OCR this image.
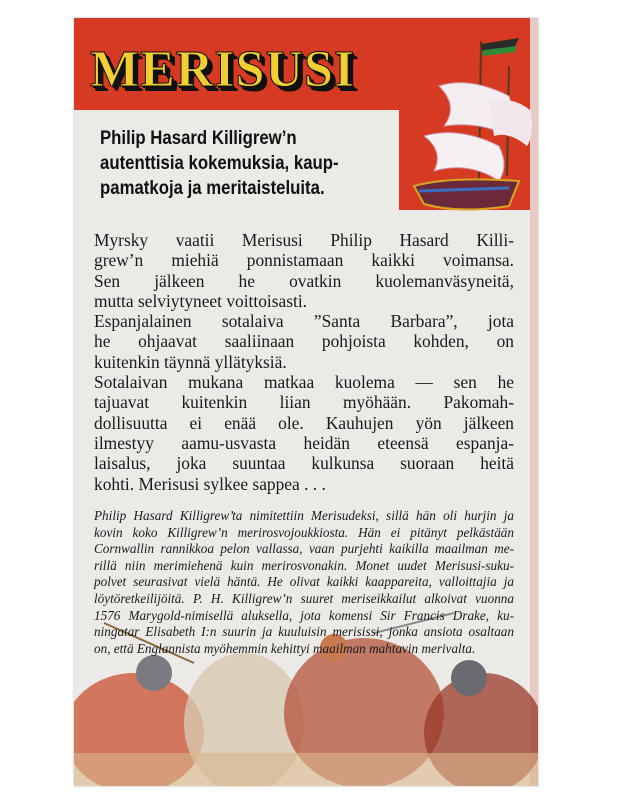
MERISUSI
Philip Hasard Killigrew’n
autenttisia kokemuksia, kaup-
pamatkoja ja meritaisteluita.
Myrsky vaatii Merisusi Philip Hasard Killi-
grew’n miehiä ponnistamaan kaikki voimansa.
Sen jälkeen he ovatkin kuolemanväsyneitä,
mutta selviytyneet voittoisasti.
Espanjalainen sotalaiva ”Santa Barbara”, jota
he ohjaavat saaliinaan pohjoista kohden, on
kuitenkin täynnä yllätyksiä.
Sotalaivan mukana matkaa kuolema — sen he
tajuavat kuitenkin liian myöhään. Pakomah-
dollisuutta ei enää ole. Kauhujen yön jälkeen
ilmestyy aamu-usvasta heidän eteensä espanja-
laisalus, joka suuntaa kulkunsa suoraan heitä
kohti. Merisusi sylkee sappea . . .
Philip Hasard Killigrew’ta nimitettiin Merisudeksi, sillä hän oli hurjin ja
kovin koko Killigrew’n merirosvojoukkiosta. Hän ei pitänyt pelkästään
Cornwallin rannikkoa pelon vallassa, vaan purjehti kaikilla maailman me-
rillä niin merimiehenä kuin merirosvonakin. Monet uudet Merisusi-suku-
polvet seurasivat vielä häntä. He olivat kaikki kaappareita, valloittajia ja
löytöretkeilijöitä. P. H. Killigrew’n suuret meriseikkailut alkoivat vuonna
1576 Marygold-nimisellä aluksella, jota komensi Sir Francis Drake, ku-
ningatar Elisabeth I:n suurin ja kuuluisin merisissi, jonka ansiota osaltaan
on, että Englannista myöhemmin kehittyi maailman mahtavin merivalta.
